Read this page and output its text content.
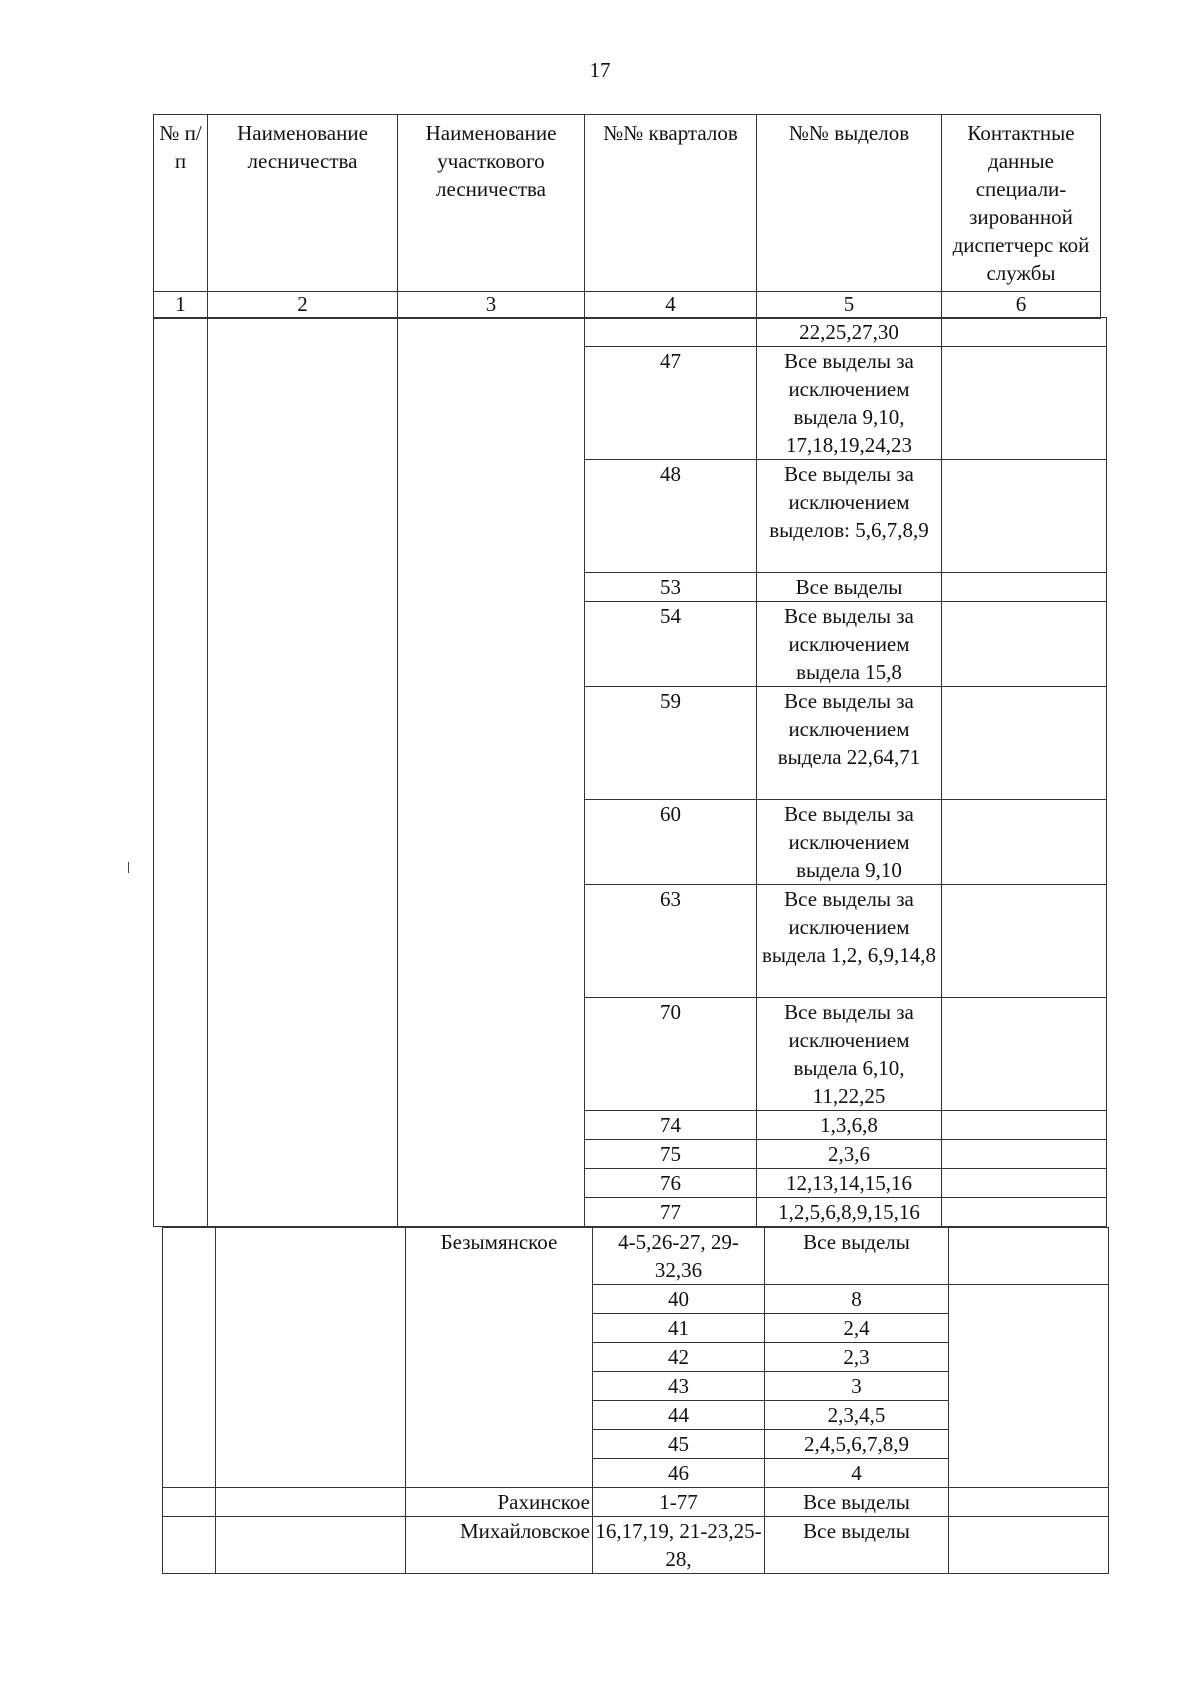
17
№ п/п	Наименование лесничества	Наименование участкового лесничества	№№ кварталов	№№ выделов	Контактные данные специали-зированной диспетчерс кой службы
1	2	3	4	5	6
				22,25,27,30	
			47	Все выделы за исключением выдела 9,10, 17,18,19,24,23	
			48	Все выделы за исключением выделов: 5,6,7,8,9	
			53	Все выделы	
			54	Все выделы за исключением выдела 15,8	
			59	Все выделы за исключением выдела 22,64,71	
			60	Все выделы за исключением выдела 9,10	
			63	Все выделы за исключением выдела 1,2, 6,9,14,8	
			70	Все выделы за исключением выдела 6,10, 11,22,25	
			74	1,3,6,8	
			75	2,3,6	
			76	12,13,14,15,16	
			77	1,2,5,6,8,9,15,16	
		Безымянское	4-5,26-27, 29-32,36	Все выделы	
			40	8	
			41	2,4	
			42	2,3	
			43	3	
			44	2,3,4,5	
			45	2,4,5,6,7,8,9	
			46	4	
		Рахинское	1-77	Все выделы	
		Михайловское	16,17,19, 21-23,25-28,	Все выделы	
